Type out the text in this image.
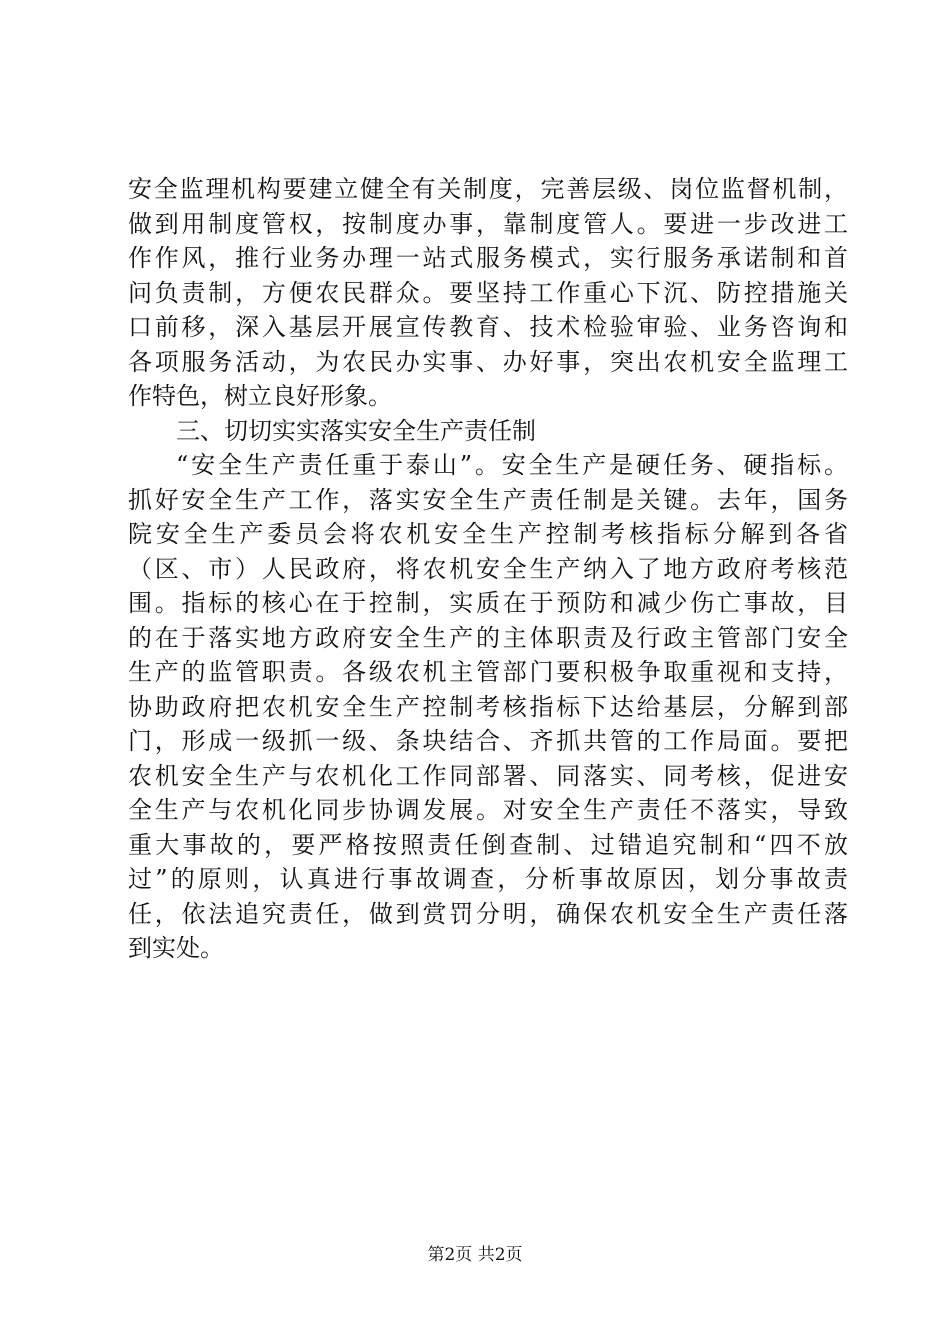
安全监理机构要建立健全有关制度，完善层级、岗位监督机制，
做到用制度管权，按制度办事，靠制度管人。要进一步改进工
作作风，推行业务办理一站式服务模式，实行服务承诺制和首
问负责制，方便农民群众。要坚持工作重心下沉、防控措施关
口前移，深入基层开展宣传教育、技术检验审验、业务咨询和
各项服务活动，为农民办实事、办好事，突出农机安全监理工
作特色，树立良好形象。
三、切切实实落实安全生产责任制
“安全生产责任重于泰山”。安全生产是硬任务、硬指标。
抓好安全生产工作，落实安全生产责任制是关键。去年，国务
院安全生产委员会将农机安全生产控制考核指标分解到各省
（区、市）人民政府，将农机安全生产纳入了地方政府考核范
围。指标的核心在于控制，实质在于预防和减少伤亡事故，目
的在于落实地方政府安全生产的主体职责及行政主管部门安全
生产的监管职责。各级农机主管部门要积极争取重视和支持，
协助政府把农机安全生产控制考核指标下达给基层，分解到部
门，形成一级抓一级、条块结合、齐抓共管的工作局面。要把
农机安全生产与农机化工作同部署、同落实、同考核，促进安
全生产与农机化同步协调发展。对安全生产责任不落实，导致
重大事故的，要严格按照责任倒查制、过错追究制和“四不放
过”的原则，认真进行事故调查，分析事故原因，划分事故责
任，依法追究责任，做到赏罚分明，确保农机安全生产责任落
到实处。
第2页 共2页
